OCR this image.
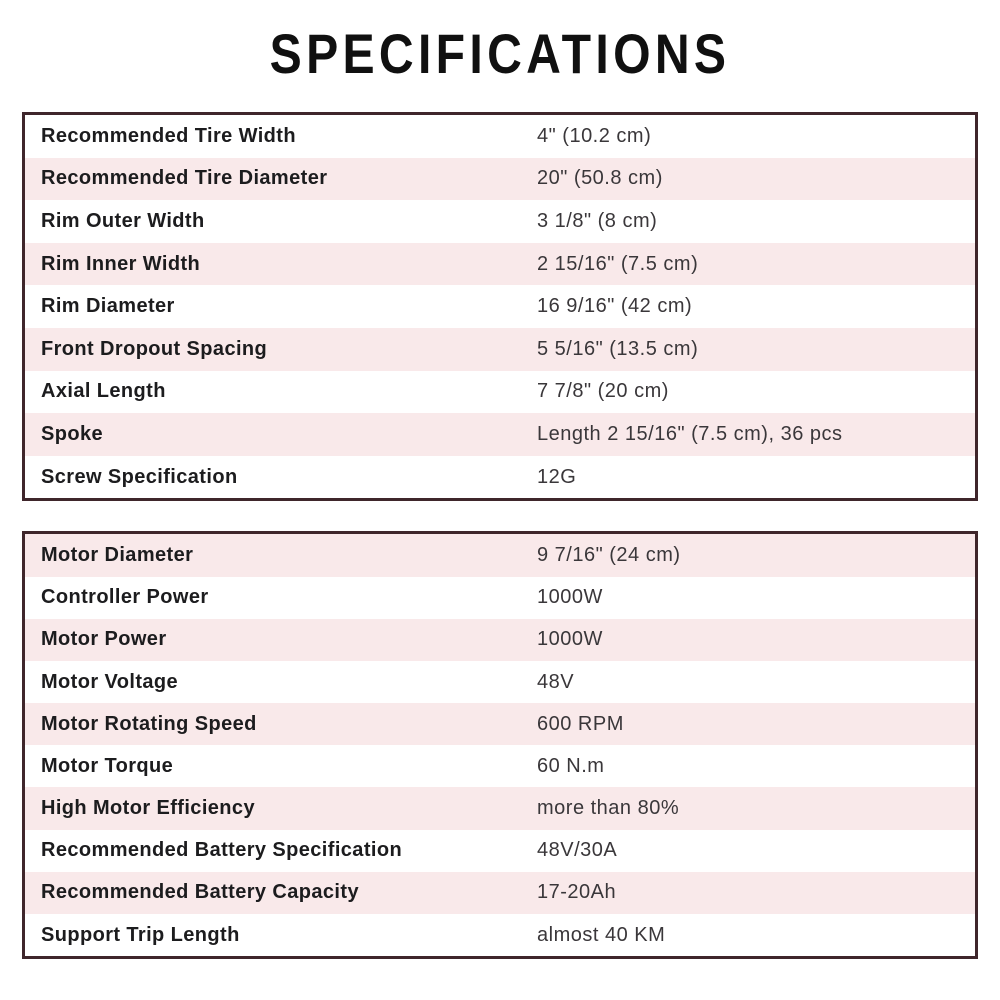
SPECIFICATIONS
Recommended Tire Width	4" (10.2 cm)
Recommended Tire Diameter	20" (50.8 cm)
Rim Outer Width	3 1/8" (8 cm)
Rim Inner Width	2 15/16" (7.5 cm)
Rim Diameter	16 9/16" (42 cm)
Front Dropout Spacing	5 5/16" (13.5 cm)
Axial Length	7 7/8" (20 cm)
Spoke	Length 2 15/16" (7.5 cm), 36 pcs
Screw Specification	12G
Motor Diameter	9 7/16" (24 cm)
Controller Power	1000W
Motor Power	1000W
Motor Voltage	48V
Motor Rotating Speed	600 RPM
Motor Torque	60 N.m
High Motor Efficiency	more than 80%
Recommended Battery Specification	48V/30A
Recommended Battery Capacity	17-20Ah
Support Trip Length	almost 40 KM
